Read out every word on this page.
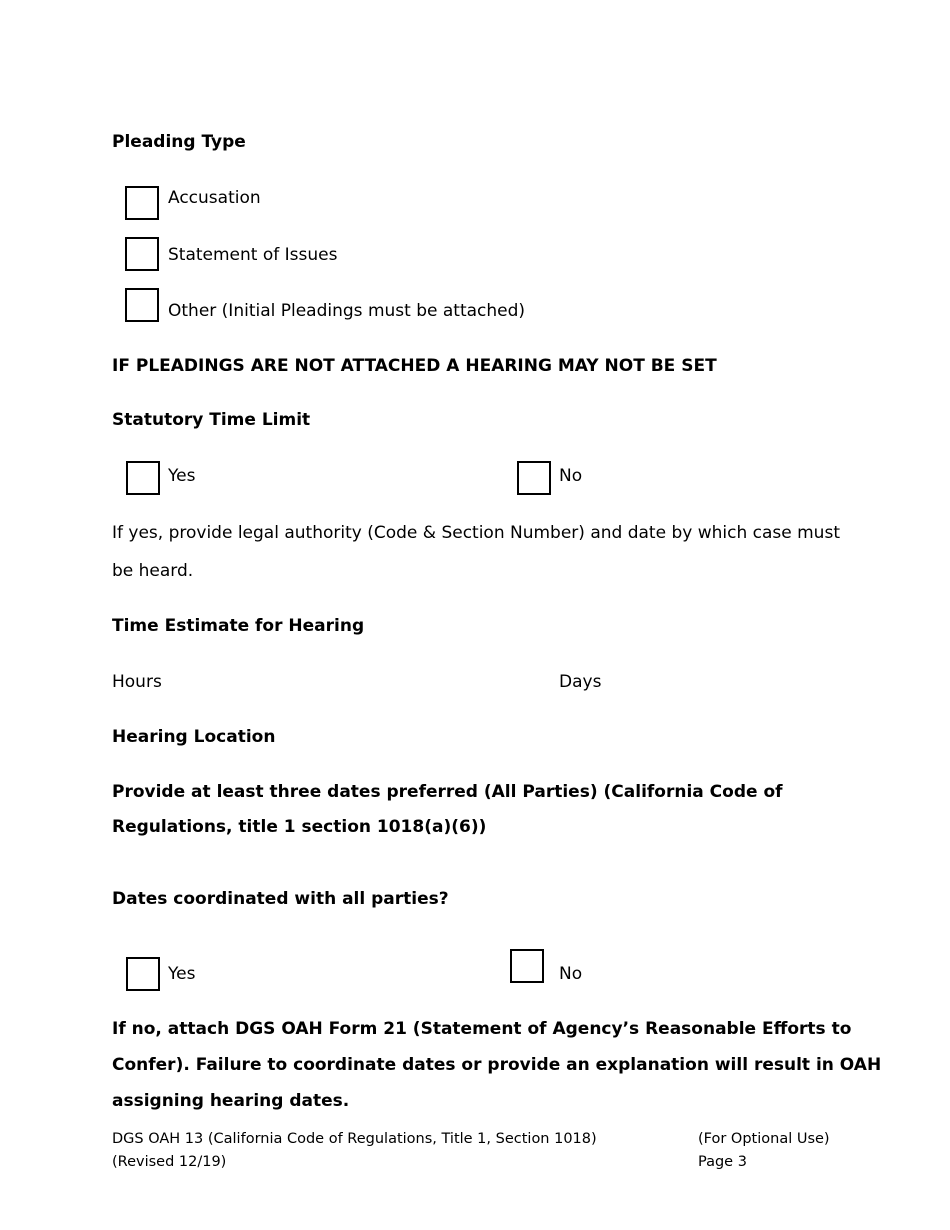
Pleading Type
Accusation
Statement of Issues
Other (Initial Pleadings must be attached)
IF PLEADINGS ARE NOT ATTACHED A HEARING MAY NOT BE SET
Statutory Time Limit
Yes	No
If yes, provide legal authority (Code & Section Number) and date by which case must
be heard.
Time Estimate for Hearing
Hours	Days
Hearing Location
Provide at least three dates preferred (All Parties) (California Code of
Regulations, title 1 section 1018(a)(6))
Dates coordinated with all parties?
Yes	No
If no, attach DGS OAH Form 21 (Statement of Agency’s Reasonable Efforts to
Confer). Failure to coordinate dates or provide an explanation will result in OAH
assigning hearing dates.
DGS OAH 13 (California Code of Regulations, Title 1, Section 1018)
(Revised 12/19)
(For Optional Use)
Page 3
